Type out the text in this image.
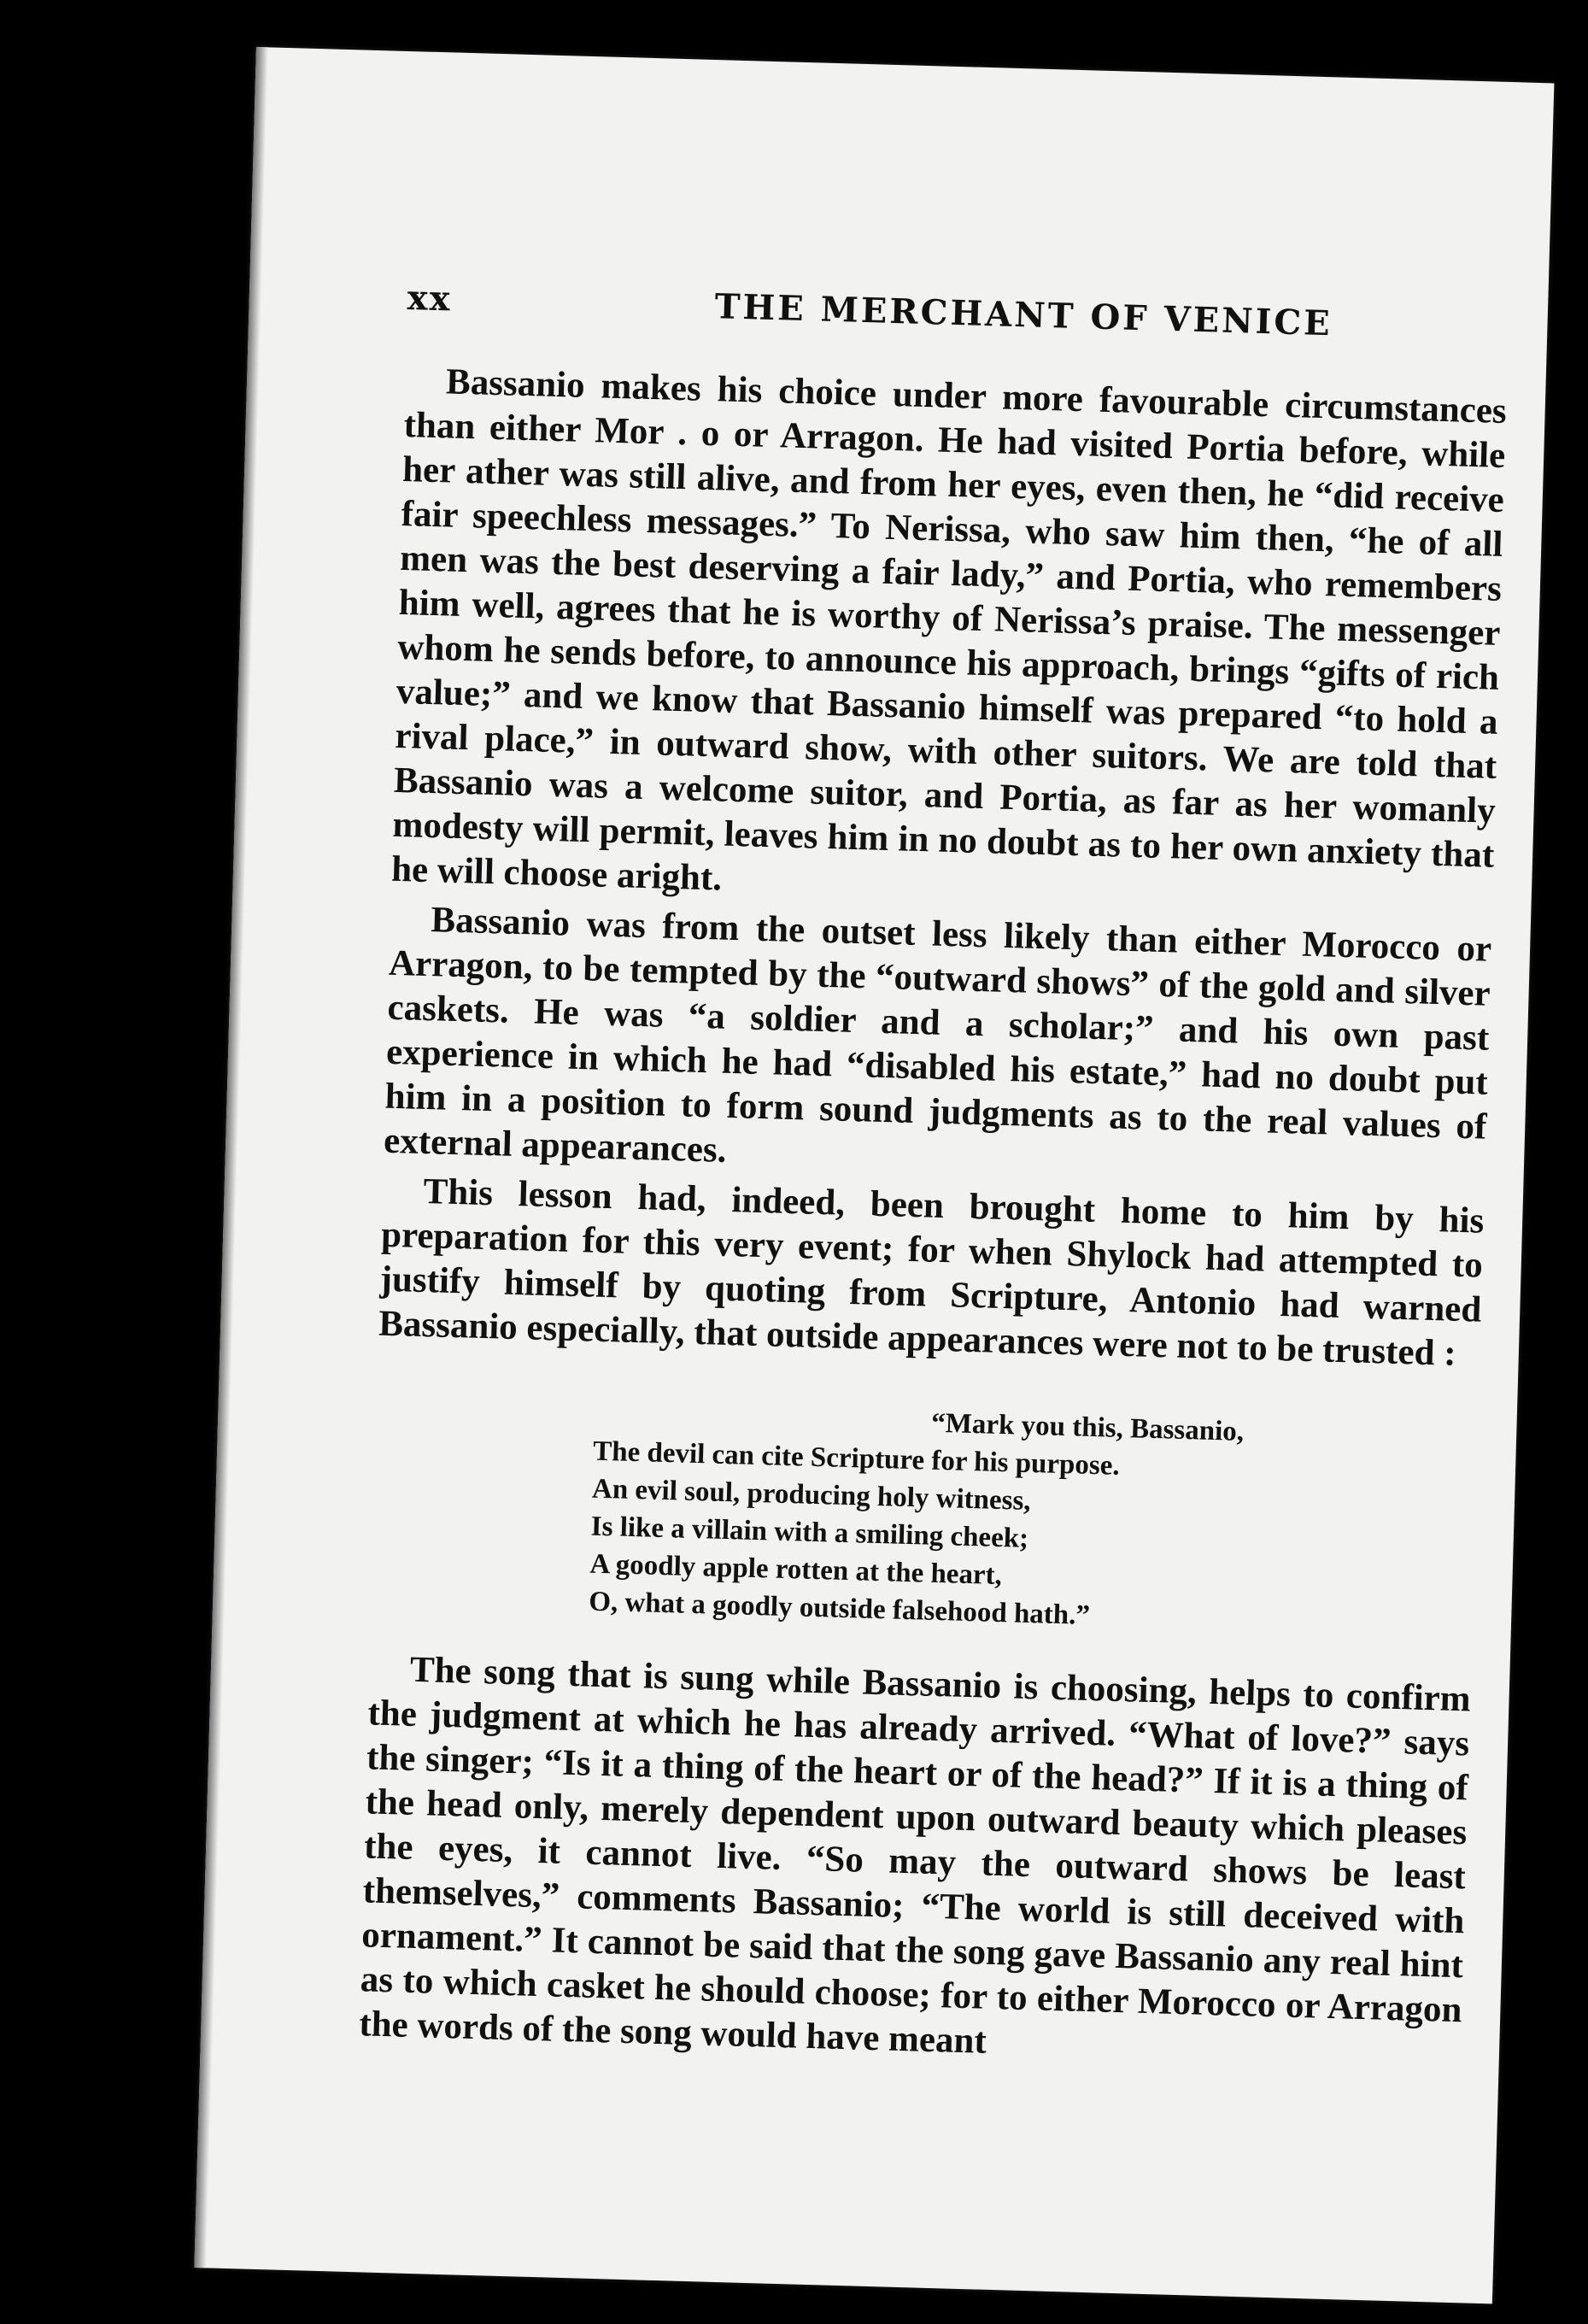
xx	THE MERCHANT OF VENICE

Bassanio makes his choice under more favourable circumstances than either Mor . o or Arragon. He had visited Portia before, while her ather was still alive, and from her eyes, even then, he “did receive fair speechless messages.” To Nerissa, who saw him then, “he of all men was the best deserving a fair lady,” and Portia, who remembers him well, agrees that he is worthy of Nerissa’s praise. The messenger whom he sends before, to announce his approach, brings “gifts of rich value;” and we know that Bassanio himself was prepared “to hold a rival place,” in outward show, with other suitors. We are told that Bassanio was a welcome suitor, and Portia, as far as her womanly modesty will permit, leaves him in no doubt as to her own anxiety that he will choose aright.

Bassanio was from the outset less likely than either Morocco or Arragon, to be tempted by the “outward shows” of the gold and silver caskets. He was “a soldier and a scholar;” and his own past experience in which he had “disabled his estate,” had no doubt put him in a position to form sound judgments as to the real values of external appearances.

This lesson had, indeed, been brought home to him by his preparation for this very event; for when Shylock had attempted to justify himself by quoting from Scripture, Antonio had warned Bassanio especially, that outside appearances were not to be trusted :

“Mark you this, Bassanio,
The devil can cite Scripture for his purpose.
An evil soul, producing holy witness,
Is like a villain with a smiling cheek;
A goodly apple rotten at the heart,
O, what a goodly outside falsehood hath.”

The song that is sung while Bassanio is choosing, helps to confirm the judgment at which he has already arrived. “What of love?” says the singer; “Is it a thing of the heart or of the head?” If it is a thing of the head only, merely dependent upon outward beauty which pleases the eyes, it cannot live. “So may the outward shows be least themselves,” comments Bassanio; “The world is still deceived with ornament.” It cannot be said that the song gave Bassanio any real hint as to which casket he should choose; for to either Morocco or Arragon the words of the song would have meant
